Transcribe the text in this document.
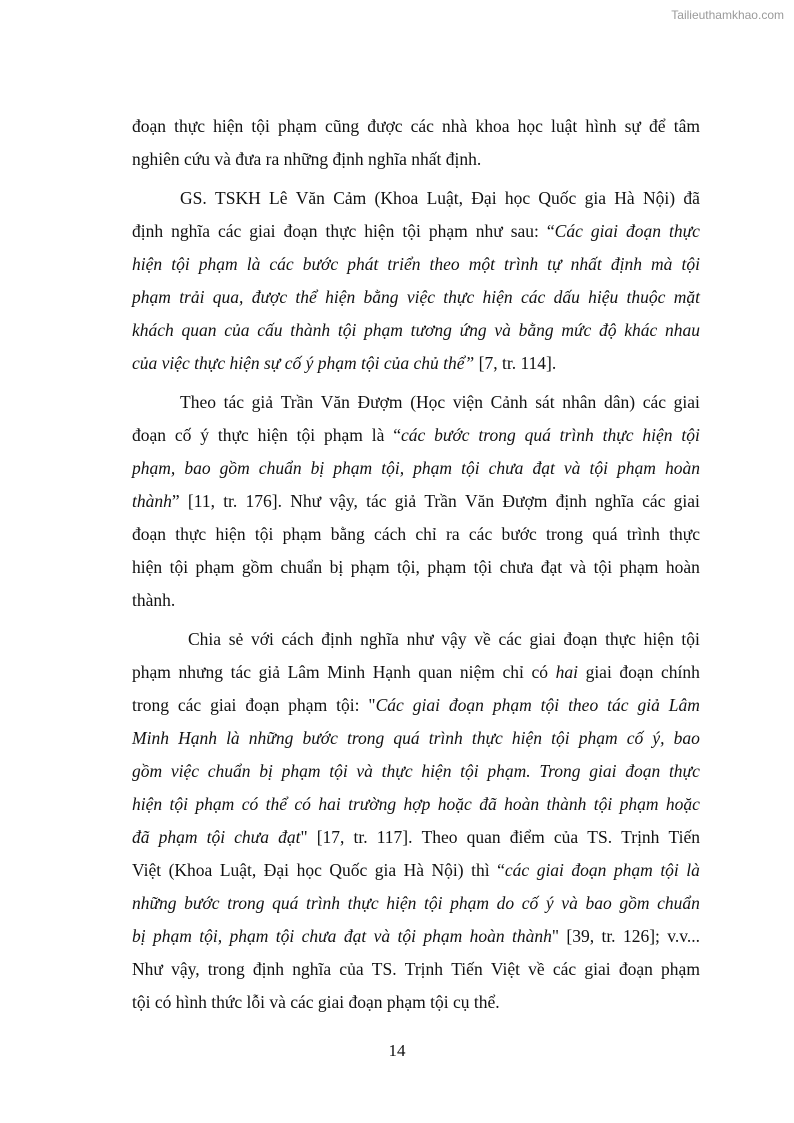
Tailieuthamkhao.com
đoạn thực hiện tội phạm cũng được các nhà khoa học luật hình sự để tâm
nghiên cứu và đưa ra những định nghĩa nhất định.
GS. TSKH Lê Văn Cảm (Khoa Luật, Đại học Quốc gia Hà Nội) đã
định nghĩa các giai đoạn thực hiện tội phạm như sau: “Các giai đoạn thực
hiện tội phạm là các bước phát triển theo một trình tự nhất định mà tội
phạm trải qua, được thể hiện bằng việc thực hiện các dấu hiệu thuộc mặt
khách quan của cấu thành tội phạm tương ứng và bằng mức độ khác nhau
của việc thực hiện sự cố ý phạm tội của chủ thể” [7, tr. 114].
Theo tác giả Trần Văn Đượm (Học viện Cảnh sát nhân dân) các giai
đoạn cố ý thực hiện tội phạm là “các bước trong quá trình thực hiện tội
phạm, bao gồm chuẩn bị phạm tội, phạm tội chưa đạt và tội phạm hoàn
thành” [11, tr. 176]. Như vậy, tác giả Trần Văn Đượm định nghĩa các giai
đoạn thực hiện tội phạm bằng cách chỉ ra các bước trong quá trình thực
hiện tội phạm gồm chuẩn bị phạm tội, phạm tội chưa đạt và tội phạm hoàn
thành.
Chia sẻ với cách định nghĩa như vậy về các giai đoạn thực hiện tội
phạm nhưng tác giả Lâm Minh Hạnh quan niệm chỉ có hai giai đoạn chính
trong các giai đoạn phạm tội: "Các giai đoạn phạm tội theo tác giả Lâm
Minh Hạnh là những bước trong quá trình thực hiện tội phạm cố ý, bao
gồm việc chuẩn bị phạm tội và thực hiện tội phạm. Trong giai đoạn thực
hiện tội phạm có thể có hai trường hợp hoặc đã hoàn thành tội phạm hoặc
đã phạm tội chưa đạt" [17, tr. 117]. Theo quan điểm của TS. Trịnh Tiến
Việt (Khoa Luật, Đại học Quốc gia Hà Nội) thì “các giai đoạn phạm tội là
những bước trong quá trình thực hiện tội phạm do cố ý và bao gồm chuẩn
bị phạm tội, phạm tội chưa đạt và tội phạm hoàn thành" [39, tr. 126]; v.v...
Như vậy, trong định nghĩa của TS. Trịnh Tiến Việt về các giai đoạn phạm
tội có hình thức lỗi và các giai đoạn phạm tội cụ thể.
14
